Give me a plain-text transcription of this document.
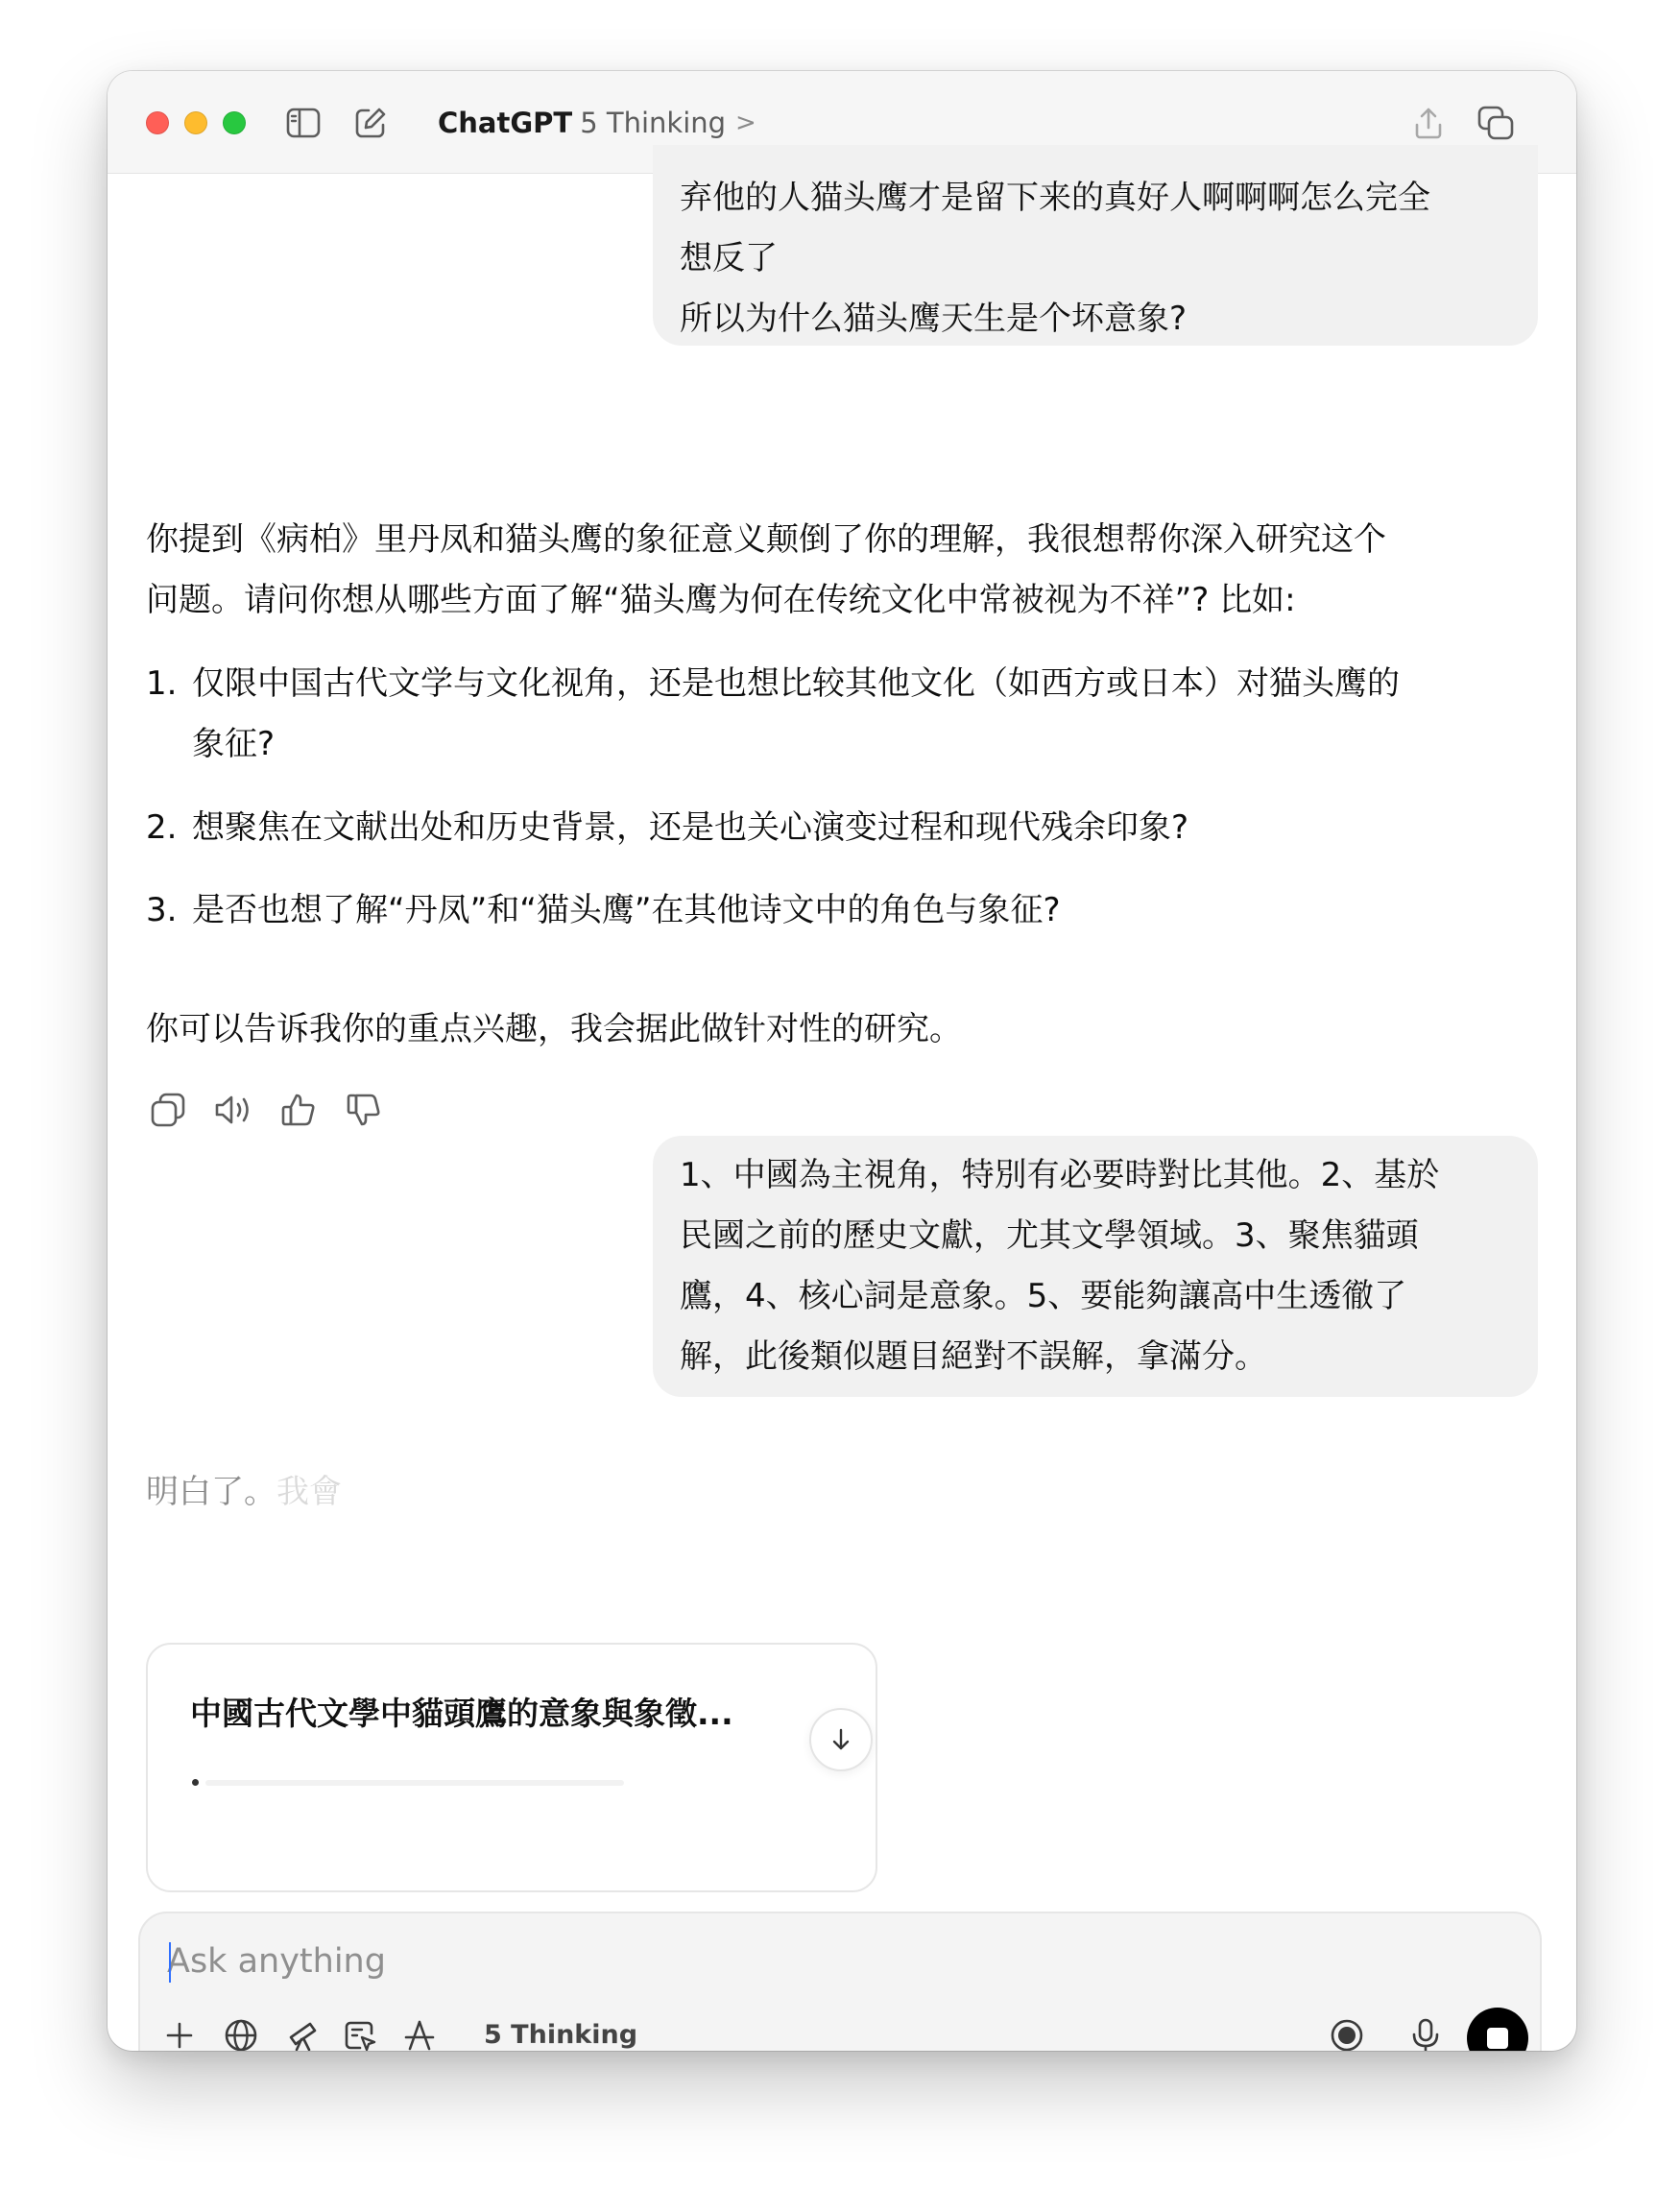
ChatGPT 5 Thinking >
弃他的人猫头鹰才是留下来的真好人啊啊啊怎么完全
想反了
所以为什么猫头鹰天生是个坏意象?
你提到《病柏》里丹凤和猫头鹰的象征意义颠倒了你的理解，我很想帮你深入研究这个
问题。请问你想从哪些方面了解“猫头鹰为何在传统文化中常被视为不祥”? 比如:
1. 仅限中国古代文学与文化视角，还是也想比较其他文化（如西方或日本）对猫头鹰的
象征?
2. 想聚焦在文献出处和历史背景，还是也关心演变过程和现代残余印象?
3. 是否也想了解“丹凤”和“猫头鹰”在其他诗文中的角色与象征?
你可以告诉我你的重点兴趣，我会据此做针对性的研究。
1、中國為主視角，特別有必要時對比其他。2、基於
民國之前的歷史文獻，尤其文學領域。3、聚焦貓頭
鷹，4、核心詞是意象。5、要能夠讓高中生透徹了
解，此後類似題目絕對不誤解，拿滿分。
明白了。我會
中國古代文學中貓頭鷹的意象與象徵...
Ask anything
5 Thinking
